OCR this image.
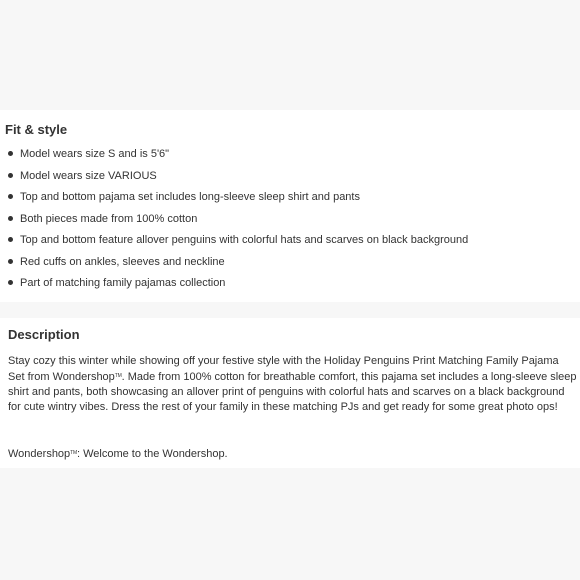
Fit & style
Model wears size S and is 5'6"
Model wears size VARIOUS
Top and bottom pajama set includes long-sleeve sleep shirt and pants
Both pieces made from 100% cotton
Top and bottom feature allover penguins with colorful hats and scarves on black background
Red cuffs on ankles, sleeves and neckline
Part of matching family pajamas collection
Description

Stay cozy this winter while showing off your festive style with the Holiday Penguins Print Matching Family Pajama Set from Wondershop™. Made from 100% cotton for breathable comfort, this pajama set includes a long-sleeve sleep shirt and pants, both showcasing an allover print of penguins with colorful hats and scarves on a black background for cute wintry vibes. Dress the rest of your family in these matching PJs and get ready for some great photo ops!

Wondershop™: Welcome to the Wondershop.
